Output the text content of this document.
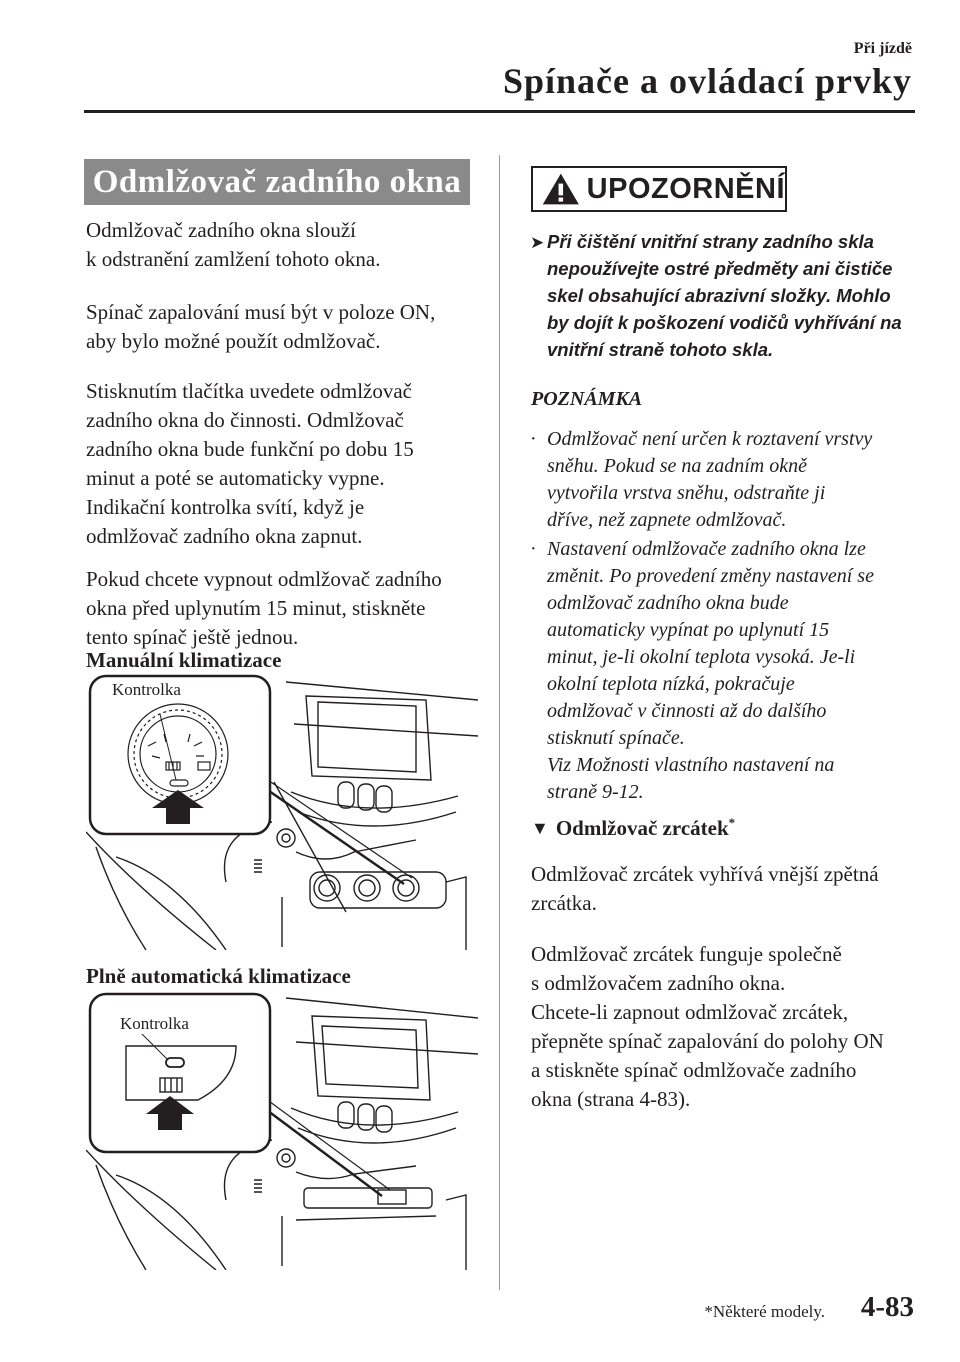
Při jízdě
Spínače a ovládací prvky
Odmlžovač zadního okna

Odmlžovač zadního okna slouží

k odstranění zamlžení tohoto okna.

Spínač zapalování musí být v poloze ON,

aby bylo možné použít odmlžovač.

Stisknutím tlačítka uvedete odmlžovač

zadního okna do činnosti. Odmlžovač

zadního okna bude funkční po dobu 15

minut a poté se automaticky vypne.

Indikační kontrolka svítí, když je

odmlžovač zadního okna zapnut.

Pokud chcete vypnout odmlžovač zadního

okna před uplynutím 15 minut, stiskněte

tento spínač ještě jednou.

Manuální klimatizace
Kontrolka
Plně automatická klimatizace
Kontrolka
UPOZORNĚNÍ
➤ Při čištění vnitřní strany zadního skla
nepoužívejte ostré předměty ani čističe
skel obsahující abrazivní složky. Mohlo
by dojít k poškození vodičů vyhřívání na
vnitřní straně tohoto skla.
POZNÁMKA
· Odmlžovač není určen k roztavení vrstvy

sněhu. Pokud se na zadním okně

vytvořila vrstva sněhu, odstraňte ji

dříve, než zapnete odmlžovač.

· Nastavení odmlžovače zadního okna lze

změnit. Po provedení změny nastavení se

odmlžovač zadního okna bude

automaticky vypínat po uplynutí 15

minut, je-li okolní teplota vysoká. Je-li

okolní teplota nízká, pokračuje

odmlžovač v činnosti až do dalšího

stisknutí spínače.

Viz Možnosti vlastního nastavení na

straně 9-12.

▼ Odmlžovač zrcátek*

Odmlžovač zrcátek vyhřívá vnější zpětná

zrcátka.

Odmlžovač zrcátek funguje společně

s odmlžovačem zadního okna.

Chcete-li zapnout odmlžovač zrcátek,

přepněte spínač zapalování do polohy ON

a stiskněte spínač odmlžovače zadního

okna (strana 4-83).

*Některé modely. 4-83
